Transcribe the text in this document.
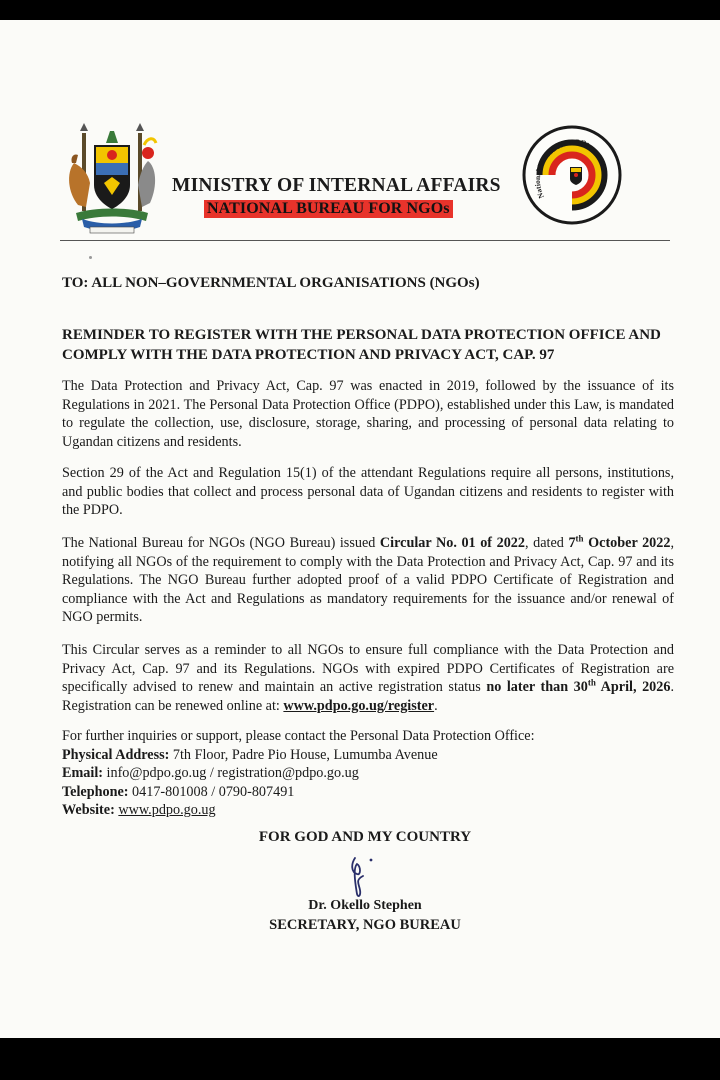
MINISTRY OF INTERNAL AFFAIRS
NATIONAL BUREAU FOR NGOs
National Bureau for NGOs
TO: ALL NON–GOVERNMENTAL ORGANISATIONS (NGOs)
REMINDER TO REGISTER WITH THE PERSONAL DATA PROTECTION OFFICE AND COMPLY WITH THE DATA PROTECTION AND PRIVACY ACT, CAP. 97

The Data Protection and Privacy Act, Cap. 97 was enacted in 2019, followed by the issuance of its Regulations in 2021. The Personal Data Protection Office (PDPO), established under this Law, is mandated to regulate the collection, use, disclosure, storage, sharing, and processing of personal data relating to Ugandan citizens and residents.

Section 29 of the Act and Regulation 15(1) of the attendant Regulations require all persons, institutions, and public bodies that collect and process personal data of Ugandan citizens and residents to register with the PDPO.

The National Bureau for NGOs (NGO Bureau) issued Circular No. 01 of 2022, dated 7th October 2022, notifying all NGOs of the requirement to comply with the Data Protection and Privacy Act, Cap. 97 and its Regulations. The NGO Bureau further adopted proof of a valid PDPO Certificate of Registration and compliance with the Act and Regulations as mandatory requirements for the issuance and/or renewal of NGO permits.

This Circular serves as a reminder to all NGOs to ensure full compliance with the Data Protection and Privacy Act, Cap. 97 and its Regulations. NGOs with expired PDPO Certificates of Registration are specifically advised to renew and maintain an active registration status no later than 30th April, 2026. Registration can be renewed online at: www.pdpo.go.ug/register.

For further inquiries or support, please contact the Personal Data Protection Office:
Physical Address: 7th Floor, Padre Pio House, Lumumba Avenue
Email: info@pdpo.go.ug / registration@pdpo.go.ug
Telephone: 0417-801008 / 0790-807491
Website: www.pdpo.go.ug
FOR GOD AND MY COUNTRY
Dr. Okello Stephen
SECRETARY, NGO BUREAU
